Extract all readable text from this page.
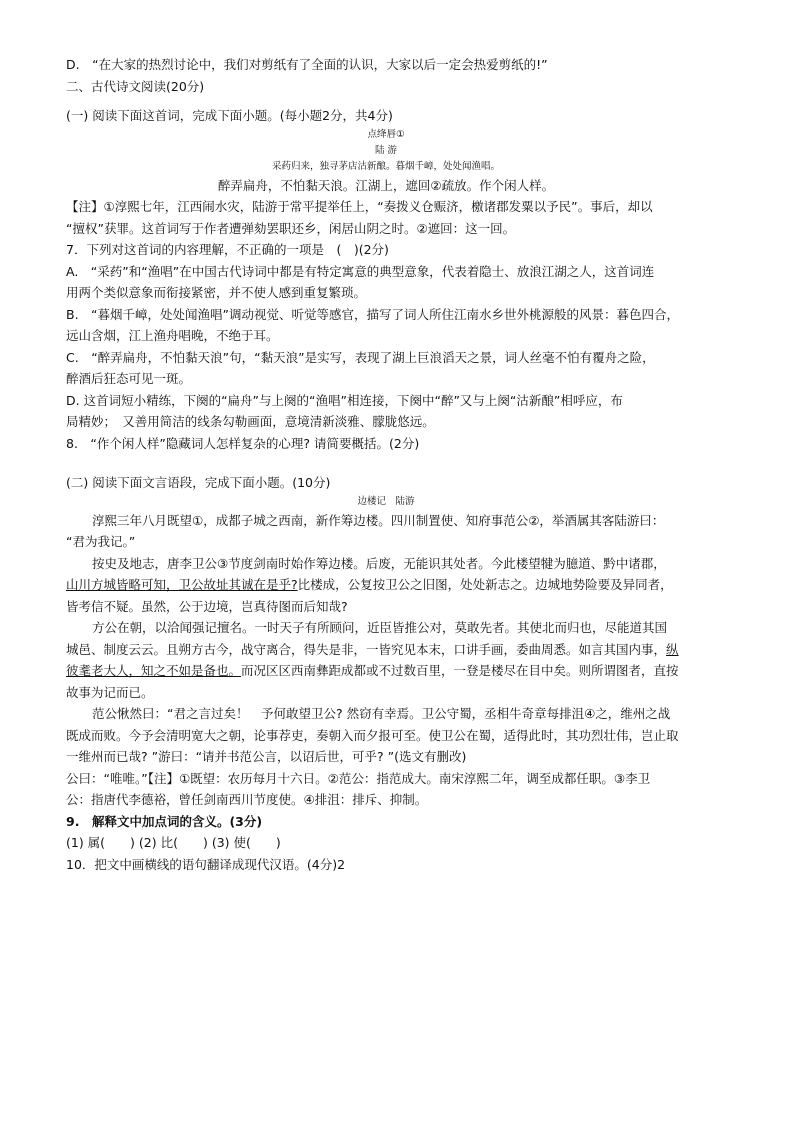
D.　“在大家的热烈讨论中，我们对剪纸有了全面的认识，大家以后一定会热爱剪纸的!”
二、古代诗文阅读(20分)
(一) 阅读下面这首词，完成下面小题。(每小题2分，共4分)
点绛唇①
陆 游
采药归来，独寻茅店沽新酿。暮烟千嶂，处处闻渔唱。
醉弄扁舟，不怕黏天浪。江湖上，遮回②疏放。作个闲人样。
【注】①淳熙七年，江西闹水灾，陆游于常平提举任上，“奏拨义仓赈济，檄诸郡发粟以予民”。事后，却以
“擅权”获罪。这首词写于作者遭弹劾罢职还乡，闲居山阴之时。②遮回：这一回。
7．下列对这首词的内容理解，不正确的一项是　(　)(2分)
A.　“采药”和“渔唱”在中国古代诗词中都是有特定寓意的典型意象，代表着隐士、放浪江湖之人，这首词连
用两个类似意象而衔接紧密，并不使人感到重复繁琐。
B.　“暮烟千嶂，处处闻渔唱”调动视觉、听觉等感官，描写了词人所住江南水乡世外桃源般的风景：暮色四合，
远山含烟，江上渔舟唱晚，不绝于耳。
C.　“醉弄扁舟，不怕黏天浪”句，“黏天浪”是实写，表现了湖上巨浪滔天之景，词人丝毫不怕有覆舟之险，
醉酒后狂态可见一斑。
D. 这首词短小精练，下阕的“扁舟”与上阕的“渔唱”相连接，下阕中“醉”又与上阕“沽新酿”相呼应，布
局精妙；　又善用简洁的线条勾勒画面，意境清新淡雅、朦胧悠远。
8.　“作个闲人样”隐藏词人怎样复杂的心理? 请简要概括。(2分)
(二) 阅读下面文言语段，完成下面小题。(10分)
边楼记　陆游
淳熙三年八月既望①，成都子城之西南，新作筹边楼。四川制置使、知府事范公②，举酒属其客陆游曰：
“君为我记。”
按史及地志，唐李卫公③节度剑南时始作筹边楼。后废，无能识其处者。今此楼望犍为臆道、黔中诸郡，
山川方城皆略可知，卫公故址其诚在是乎?比楼成，公复按卫公之旧图，处处新志之。边城地势险要及异同者，
皆考信不疑。虽然，公于边境，岂真待图而后知哉?
方公在朝，以洽闻强记擅名。一时天子有所顾问，近臣皆推公对，莫敢先者。其使北而归也，尽能道其国
城邑、制度云云。且朔方古今，战守离合，得失是非，一皆究见本末，口讲手画，委曲周悉。如言其国内事，纵
彼耄老大人，知之不如是备也。而况区区西南彝距成都或不过数百里，一登是楼尽在目中矣。则所谓图者，直按
故事为记而已。
范公愀然曰：“君之言过矣！　予何敢望卫公? 然窃有幸焉。卫公守蜀，丞相牛奇章每排沮④之，维州之战
既成而败。今予会清明宽大之朝，论事荐吏，奏朝入而夕报可至。使卫公在蜀，适得此时，其功烈壮伟，岂止取
一维州而已哉? ”游曰：“请并书范公言，以诏后世，可乎? ”(选文有删改)
公曰：“唯唯。”【注】①既望：农历每月十六日。②范公：指范成大。南宋淳熙二年，调至成都任职。③李卫
公：指唐代李德裕，曾任剑南西川节度使。④排沮：排斥、抑制。
9.　解释文中加点词的含义。(3分)
(1) 属(　　) (2) 比(　　) (3) 使(　　)
10．把文中画横线的语句翻译成现代汉语。(4分)2
